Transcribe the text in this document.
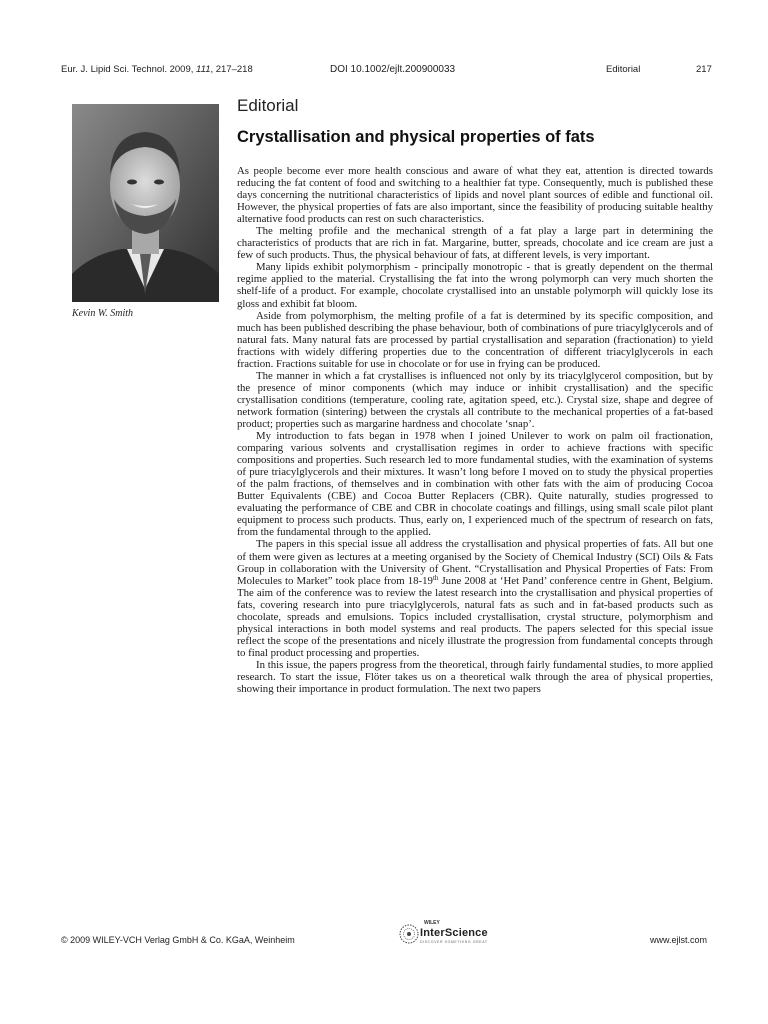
Eur. J. Lipid Sci. Technol. 2009, 111, 217–218	DOI 10.1002/ejlt.200900033	Editorial	217
Editorial
Crystallisation and physical properties of fats
Kevin W. Smith

As people become ever more health conscious and aware of what they eat, attention is directed towards reducing the fat content of food and switching to a healthier fat type. Consequently, much is published these days concerning the nutritional characteristics of lipids and novel plant sources of edible and functional oil. However, the physical properties of fats are also important, since the feasibility of producing suitable healthy alternative food products can rest on such characteristics.

The melting profile and the mechanical strength of a fat play a large part in determining the characteristics of products that are rich in fat. Margarine, butter, spreads, chocolate and ice cream are just a few of such products. Thus, the physical behaviour of fats, at different levels, is very important.

Many lipids exhibit polymorphism - principally monotropic - that is greatly dependent on the thermal regime applied to the material. Crystallising the fat into the wrong polymorph can very much shorten the shelf-life of a product. For example, chocolate crystallised into an unstable polymorph will quickly lose its gloss and exhibit fat bloom.

Aside from polymorphism, the melting profile of a fat is determined by its specific composition, and much has been published describing the phase behaviour, both of combinations of pure triacylglycerols and of natural fats. Many natural fats are processed by partial crystallisation and separation (fractionation) to yield fractions with widely differing properties due to the concentration of different triacylglycerols in each fraction. Fractions suitable for use in chocolate or for use in frying can be produced.

The manner in which a fat crystallises is influenced not only by its triacylglycerol composition, but by the presence of minor components (which may induce or inhibit crystallisation) and the specific crystallisation conditions (temperature, cooling rate, agitation speed, etc.). Crystal size, shape and degree of network formation (sintering) between the crystals all contribute to the mechanical properties of a fat-based product; properties such as margarine hardness and chocolate ‘snap’.

My introduction to fats began in 1978 when I joined Unilever to work on palm oil fractionation, comparing various solvents and crystallisation regimes in order to achieve fractions with specific compositions and properties. Such research led to more fundamental studies, with the examination of systems of pure triacylglycerols and their mixtures. It wasn’t long before I moved on to study the physical properties of the palm fractions, of themselves and in combination with other fats with the aim of producing Cocoa Butter Equivalents (CBE) and Cocoa Butter Replacers (CBR). Quite naturally, studies progressed to evaluating the performance of CBE and CBR in chocolate coatings and fillings, using small scale pilot plant equipment to process such products. Thus, early on, I experienced much of the spectrum of research on fats, from the fundamental through to the applied.

The papers in this special issue all address the crystallisation and physical properties of fats. All but one of them were given as lectures at a meeting organised by the Society of Chemical Industry (SCI) Oils & Fats Group in collaboration with the University of Ghent. “Crystallisation and Physical Properties of Fats: From Molecules to Market” took place from 18-19th June 2008 at ‘Het Pand’ conference centre in Ghent, Belgium. The aim of the conference was to review the latest research into the crystallisation and physical properties of fats, covering research into pure triacylglycerols, natural fats as such and in fat-based products such as chocolate, spreads and emulsions. Topics included crystallisation, crystal structure, polymorphism and physical interactions in both model systems and real products. The papers selected for this special issue reflect the scope of the presentations and nicely illustrate the progression from fundamental concepts through to final product processing and properties.

In this issue, the papers progress from the theoretical, through fairly fundamental studies, to more applied research. To start the issue, Flöter takes us on a theoretical walk through the area of physical properties, showing their importance in product formulation. The next two papers

© 2009 WILEY-VCH Verlag GmbH & Co. KGaA, Weinheim
WILEY
InterScience
DISCOVER SOMETHING GREAT	www.ejlst.com
